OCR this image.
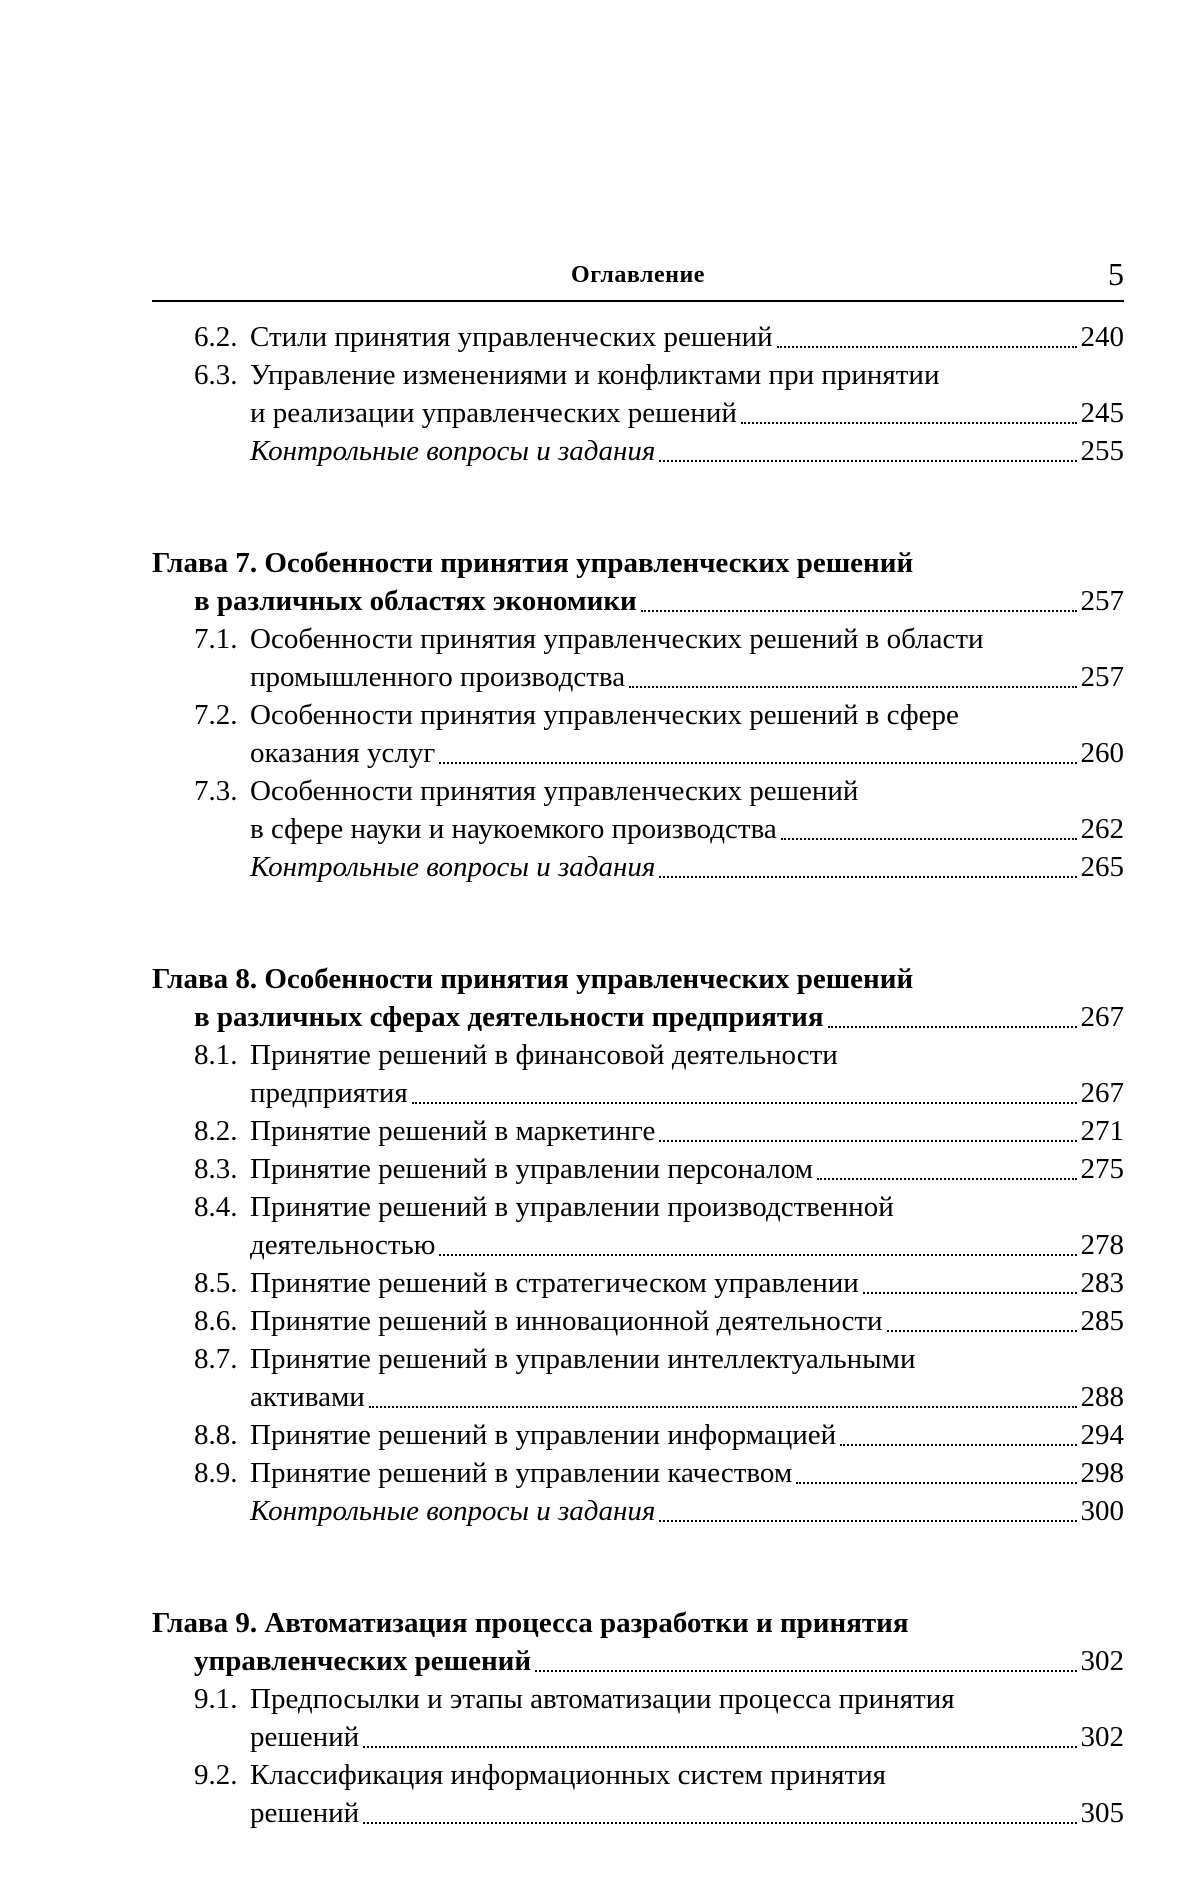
Оглавление	5
6.2. Стили принятия управленческих решений	240
6.3. Управление изменениями и конфликтами при принятии
и реализации управленческих решений	245
Контрольные вопросы и задания	255
Глава 7. Особенности принятия управленческих решений
в различных областях экономики	257
7.1. Особенности принятия управленческих решений в области
промышленного производства	257
7.2. Особенности принятия управленческих решений в сфере
оказания услуг	260
7.3. Особенности принятия управленческих решений
в сфере науки и наукоемкого производства	262
Контрольные вопросы и задания	265
Глава 8. Особенности принятия управленческих решений
в различных сферах деятельности предприятия	267
8.1. Принятие решений в финансовой деятельности
предприятия	267
8.2. Принятие решений в маркетинге	271
8.3. Принятие решений в управлении персоналом	275
8.4. Принятие решений в управлении производственной
деятельностью	278
8.5. Принятие решений в стратегическом управлении	283
8.6. Принятие решений в инновационной деятельности	285
8.7. Принятие решений в управлении интеллектуальными
активами	288
8.8. Принятие решений в управлении информацией	294
8.9. Принятие решений в управлении качеством	298
Контрольные вопросы и задания	300
Глава 9. Автоматизация процесса разработки и принятия
управленческих решений	302
9.1. Предпосылки и этапы автоматизации процесса принятия
решений	302
9.2. Классификация информационных систем принятия
решений	305
